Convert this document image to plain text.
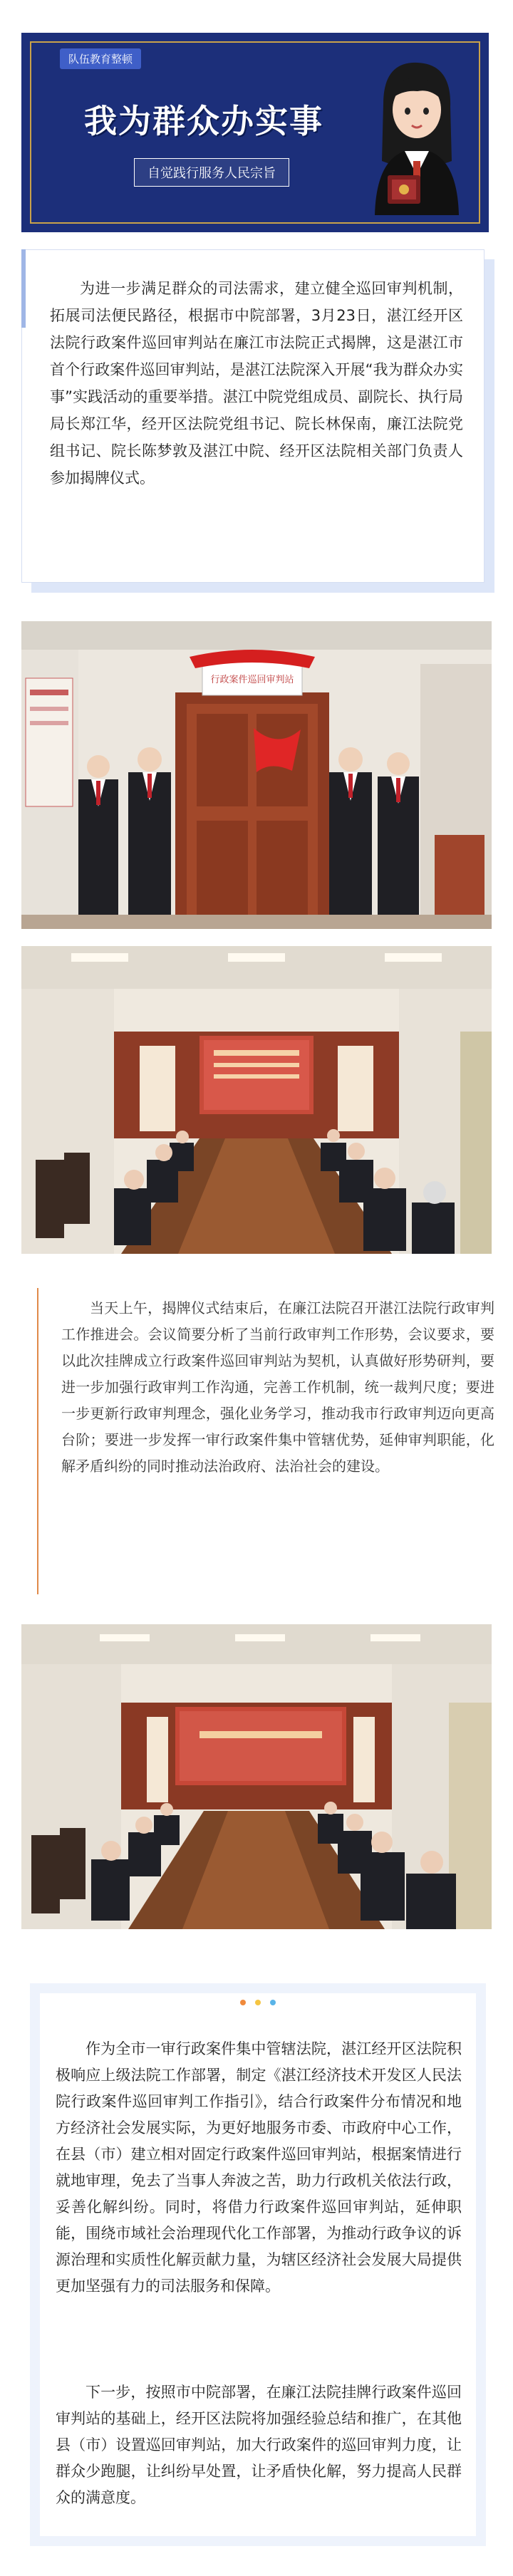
队伍教育整顿
我为群众办实事
自觉践行服务人民宗旨

为进一步满足群众的司法需求，建立健全巡回审判机制，拓展司法便民路径，根据市中院部署，3月23日，湛江经开区法院行政案件巡回审判站在廉江市法院正式揭牌，这是湛江市首个行政案件巡回审判站，是湛江法院深入开展“我为群众办实事”实践活动的重要举措。湛江中院党组成员、副院长、执行局局长郑江华，经开区法院党组书记、院长林保南，廉江法院党组书记、院长陈梦敦及湛江中院、经开区法院相关部门负责人参加揭牌仪式。

行政案件巡回审判站

当天上午，揭牌仪式结束后，在廉江法院召开湛江法院行政审判工作推进会。会议简要分析了当前行政审判工作形势，会议要求，要以此次挂牌成立行政案件巡回审判站为契机，认真做好形势研判，要进一步加强行政审判工作沟通，完善工作机制，统一裁判尺度；要进一步更新行政审判理念，强化业务学习，推动我市行政审判迈向更高台阶；要进一步发挥一审行政案件集中管辖优势，延伸审判职能，化解矛盾纠纷的同时推动法治政府、法治社会的建设。

作为全市一审行政案件集中管辖法院，湛江经开区法院积极响应上级法院工作部署，制定《湛江经济技术开发区人民法院行政案件巡回审判工作指引》，结合行政案件分布情况和地方经济社会发展实际，为更好地服务市委、市政府中心工作，在县（市）建立相对固定行政案件巡回审判站，根据案情进行就地审理，免去了当事人奔波之苦，助力行政机关依法行政，妥善化解纠纷。同时，将借力行政案件巡回审判站，延伸职能，围绕市域社会治理现代化工作部署，为推动行政争议的诉源治理和实质性化解贡献力量，为辖区经济社会发展大局提供更加坚强有力的司法服务和保障。

下一步，按照市中院部署，在廉江法院挂牌行政案件巡回审判站的基础上，经开区法院将加强经验总结和推广，在其他县（市）设置巡回审判站，加大行政案件的巡回审判力度，让群众少跑腿，让纠纷早处置，让矛盾快化解，努力提高人民群众的满意度。
